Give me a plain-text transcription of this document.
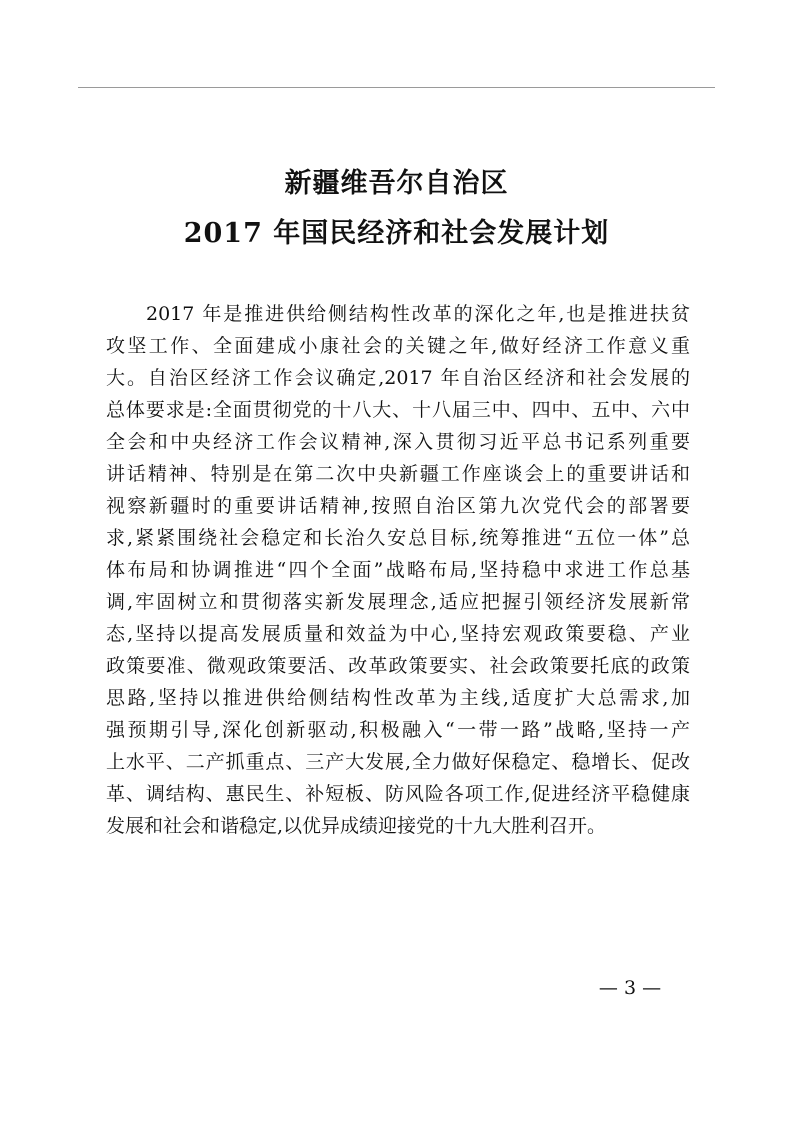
新疆维吾尔自治区
2017 年国民经济和社会发展计划
2017 年是推进供给侧结构性改革的深化之年,也是推进扶贫
攻坚工作、全面建成小康社会的关键之年,做好经济工作意义重
大。自治区经济工作会议确定,2017 年自治区经济和社会发展的
总体要求是:全面贯彻党的十八大、十八届三中、四中、五中、六中
全会和中央经济工作会议精神,深入贯彻习近平总书记系列重要
讲话精神、特别是在第二次中央新疆工作座谈会上的重要讲话和
视察新疆时的重要讲话精神,按照自治区第九次党代会的部署要
求,紧紧围绕社会稳定和长治久安总目标,统筹推进“五位一体”总
体布局和协调推进“四个全面”战略布局,坚持稳中求进工作总基
调,牢固树立和贯彻落实新发展理念,适应把握引领经济发展新常
态,坚持以提高发展质量和效益为中心,坚持宏观政策要稳、产业
政策要准、微观政策要活、改革政策要实、社会政策要托底的政策
思路,坚持以推进供给侧结构性改革为主线,适度扩大总需求,加
强预期引导,深化创新驱动,积极融入“一带一路”战略,坚持一产
上水平、二产抓重点、三产大发展,全力做好保稳定、稳增长、促改
革、调结构、惠民生、补短板、防风险各项工作,促进经济平稳健康
发展和社会和谐稳定,以优异成绩迎接党的十九大胜利召开。
— 3 —
